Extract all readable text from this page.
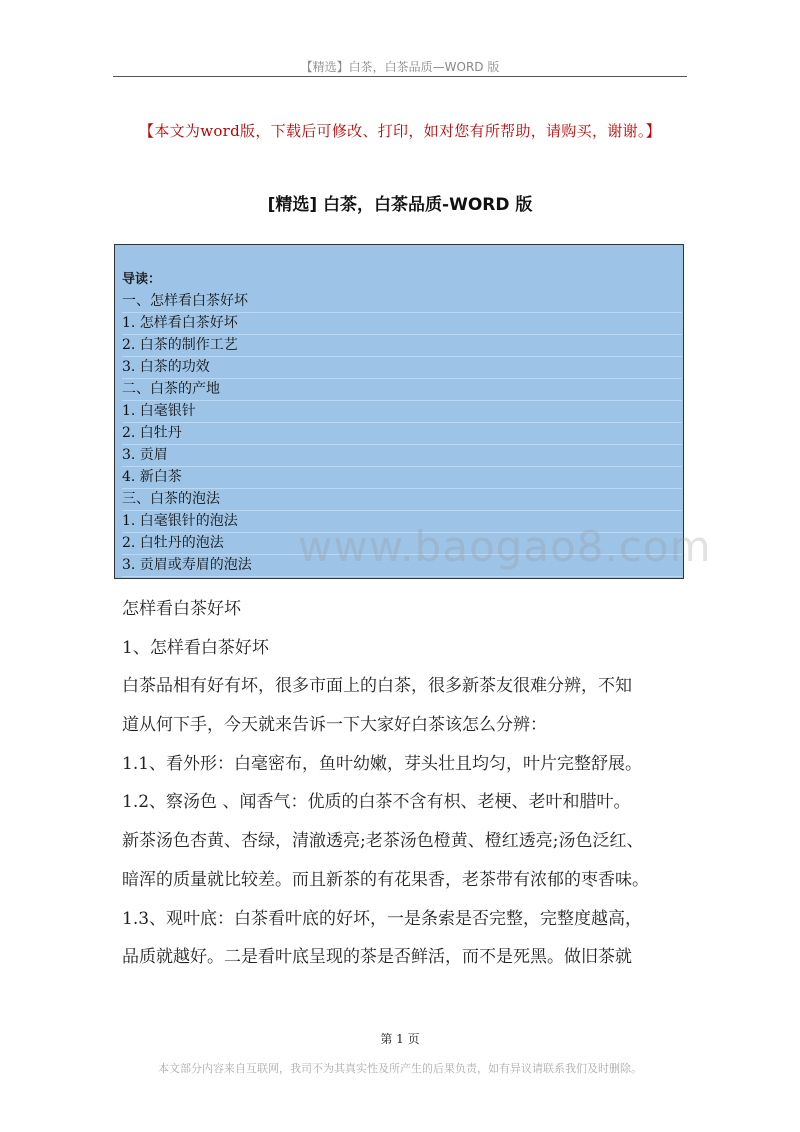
【精选】白茶，白茶品质—WORD 版
【本文为word版，下载后可修改、打印，如对您有所帮助，请购买，谢谢。】
[精选] 白茶，白茶品质-WORD 版
导读：
一、怎样看白茶好坏
1. 怎样看白茶好坏
2. 白茶的制作工艺
3. 白茶的功效
二、白茶的产地
1. 白毫银针
2. 白牡丹
3. 贡眉
4. 新白茶
三、白茶的泡法
1. 白毫银针的泡法
2. 白牡丹的泡法
3. 贡眉或寿眉的泡法	www.baogao8.com
怎样看白茶好坏
1、怎样看白茶好坏
白茶品相有好有坏，很多市面上的白茶，很多新茶友很难分辨，不知
道从何下手，今天就来告诉一下大家好白茶该怎么分辨：
1.1、看外形：白毫密布，鱼叶幼嫩，芽头壮且均匀，叶片完整舒展。
1.2、察汤色 、闻香气：优质的白茶不含有枳、老梗、老叶和腊叶。
新茶汤色杏黄、杏绿，清澈透亮;老茶汤色橙黄、橙红透亮;汤色泛红、
暗浑的质量就比较差。而且新茶的有花果香，老茶带有浓郁的枣香味。
1.3、观叶底：白茶看叶底的好坏，一是条索是否完整，完整度越高，
品质就越好。二是看叶底呈现的茶是否鲜活，而不是死黑。做旧茶就
第 1 页
本文部分内容来自互联网，我司不为其真实性及所产生的后果负责，如有异议请联系我们及时删除。
